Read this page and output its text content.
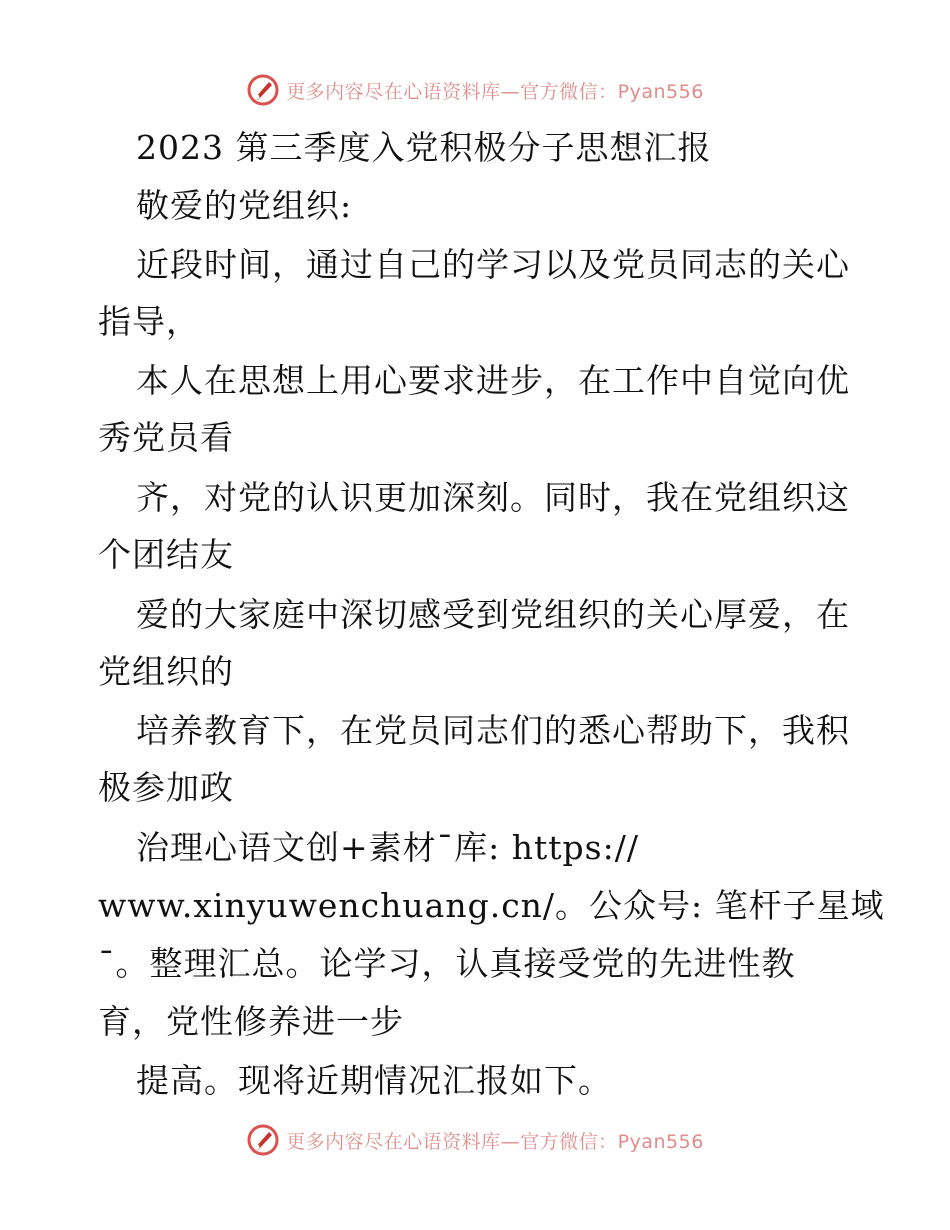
更多内容尽在心语资料库—官方微信：Pyan556
2023 第三季度入党积极分子思想汇报
敬爱的党组织:
近段时间，通过自己的学习以及党员同志的关心
指导，
本人在思想上用心要求进步，在工作中自觉向优
秀党员看
齐，对党的认识更加深刻。同时，我在党组织这
个团结友
爱的大家庭中深切感受到党组织的关心厚爱，在
党组织的
培养教育下，在党员同志们的悉心帮助下，我积
极参加政
治理心语文创+素材¯库: https://
www.xinyuwenchuang.cn/。公众号: 笔杆子星域
¯。整理汇总。论学习，认真接受党的先进性教
育，党性修养进一步
提高。现将近期情况汇报如下。
更多内容尽在心语资料库—官方微信：Pyan556
